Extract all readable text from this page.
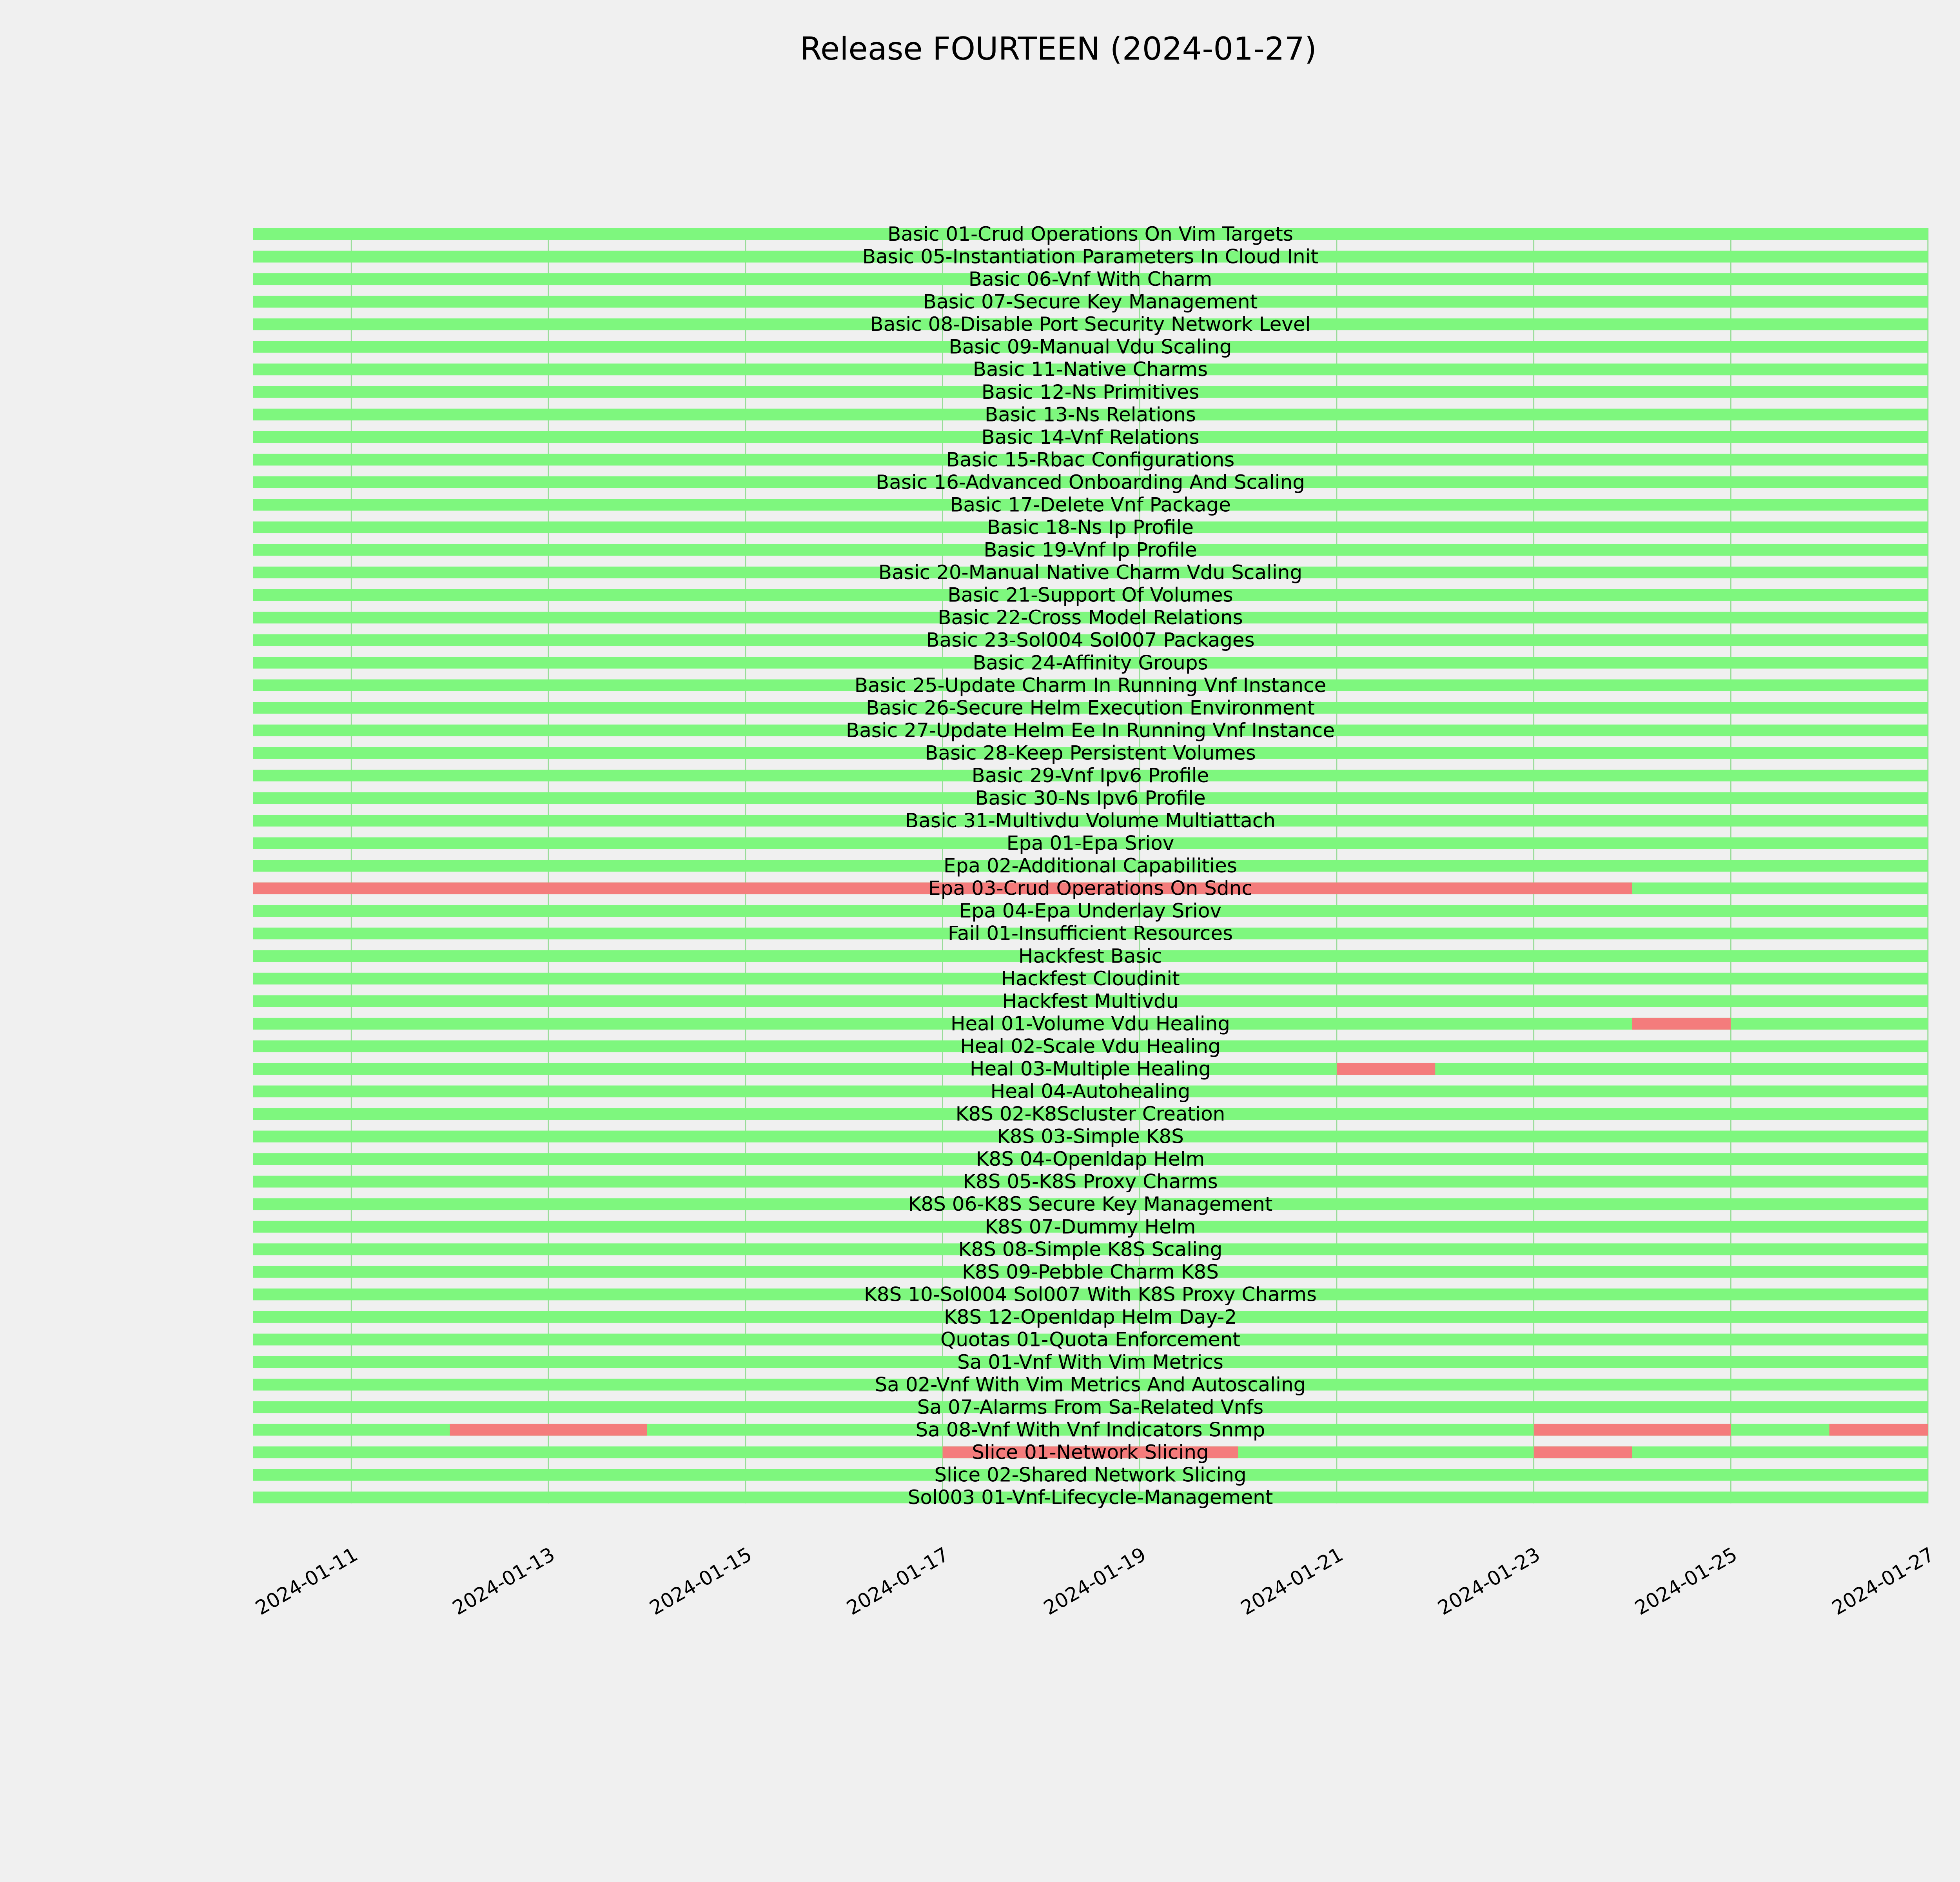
Release FOURTEEN (2024-01-27)
Basic 01-Crud Operations On Vim Targets
Basic 05-Instantiation Parameters In Cloud Init
Basic 06-Vnf With Charm
Basic 07-Secure Key Management
Basic 08-Disable Port Security Network Level
Basic 09-Manual Vdu Scaling
Basic 11-Native Charms
Basic 12-Ns Primitives
Basic 13-Ns Relations
Basic 14-Vnf Relations
Basic 15-Rbac Configurations
Basic 16-Advanced Onboarding And Scaling
Basic 17-Delete Vnf Package
Basic 18-Ns Ip Profile
Basic 19-Vnf Ip Profile
Basic 20-Manual Native Charm Vdu Scaling
Basic 21-Support Of Volumes
Basic 22-Cross Model Relations
Basic 23-Sol004 Sol007 Packages
Basic 24-Affinity Groups
Basic 25-Update Charm In Running Vnf Instance
Basic 26-Secure Helm Execution Environment
Basic 27-Update Helm Ee In Running Vnf Instance
Basic 28-Keep Persistent Volumes
Basic 29-Vnf Ipv6 Profile
Basic 30-Ns Ipv6 Profile
Basic 31-Multivdu Volume Multiattach
Epa 01-Epa Sriov
Epa 02-Additional Capabilities
Epa 03-Crud Operations On Sdnc
Epa 04-Epa Underlay Sriov
Fail 01-Insufficient Resources
Hackfest Basic
Hackfest Cloudinit
Hackfest Multivdu
Heal 01-Volume Vdu Healing
Heal 02-Scale Vdu Healing
Heal 03-Multiple Healing
Heal 04-Autohealing
K8S 02-K8Scluster Creation
K8S 03-Simple K8S
K8S 04-Openldap Helm
K8S 05-K8S Proxy Charms
K8S 06-K8S Secure Key Management
K8S 07-Dummy Helm
K8S 08-Simple K8S Scaling
K8S 09-Pebble Charm K8S
K8S 10-Sol004 Sol007 With K8S Proxy Charms
K8S 12-Openldap Helm Day-2
Quotas 01-Quota Enforcement
Sa 01-Vnf With Vim Metrics
Sa 02-Vnf With Vim Metrics And Autoscaling
Sa 07-Alarms From Sa-Related Vnfs
Sa 08-Vnf With Vnf Indicators Snmp
Slice 01-Network Slicing
Slice 02-Shared Network Slicing
Sol003 01-Vnf-Lifecycle-Management
2024-01-11	2024-01-13	2024-01-15	2024-01-17	2024-01-19	2024-01-21	2024-01-23	2024-01-25	2024-01-27
